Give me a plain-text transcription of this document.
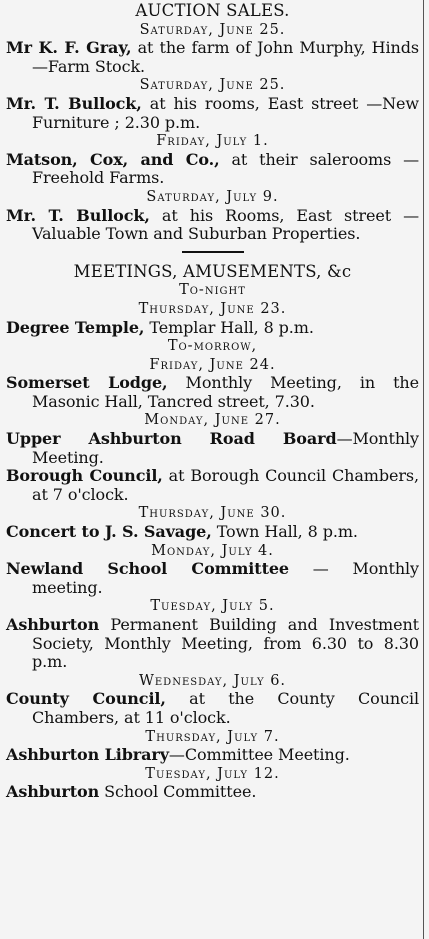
AUCTION SALES.

Saturday, June 25.

Mr K. F. Gray, at the farm of John Murphy, Hinds—Farm Stock.

Saturday, June 25.

Mr. T. Bullock, at his rooms, East street —New Furniture ; 2.30 p.m.

Friday, July 1.

Matson, Cox, and Co., at their salerooms —Freehold Farms.

Saturday, July 9.

Mr. T. Bullock, at his Rooms, East street —Valuable Town and Suburban Properties.

MEETINGS, AMUSEMENTS, &c

To-night

Thursday, June 23.

Degree Temple, Templar Hall, 8 p.m.

To-morrow,

Friday, June 24.

Somerset Lodge, Monthly Meeting, in the Masonic Hall, Tancred street, 7.30.

Monday, June 27.

Upper Ashburton Road Board—Monthly Meeting.

Borough Council, at Borough Council Chambers, at 7 o'clock.

Thursday, June 30.

Concert to J. S. Savage, Town Hall, 8 p.m.

Monday, July 4.

Newland School Committee — Monthly meeting.

Tuesday, July 5.

Ashburton Permanent Building and Investment Society, Monthly Meeting, from 6.30 to 8.30 p.m.

Wednesday, July 6.

County Council, at the County Council Chambers, at 11 o'clock.

Thursday, July 7.

Ashburton Library—Committee Meeting.

Tuesday, July 12.

Ashburton School Committee.
